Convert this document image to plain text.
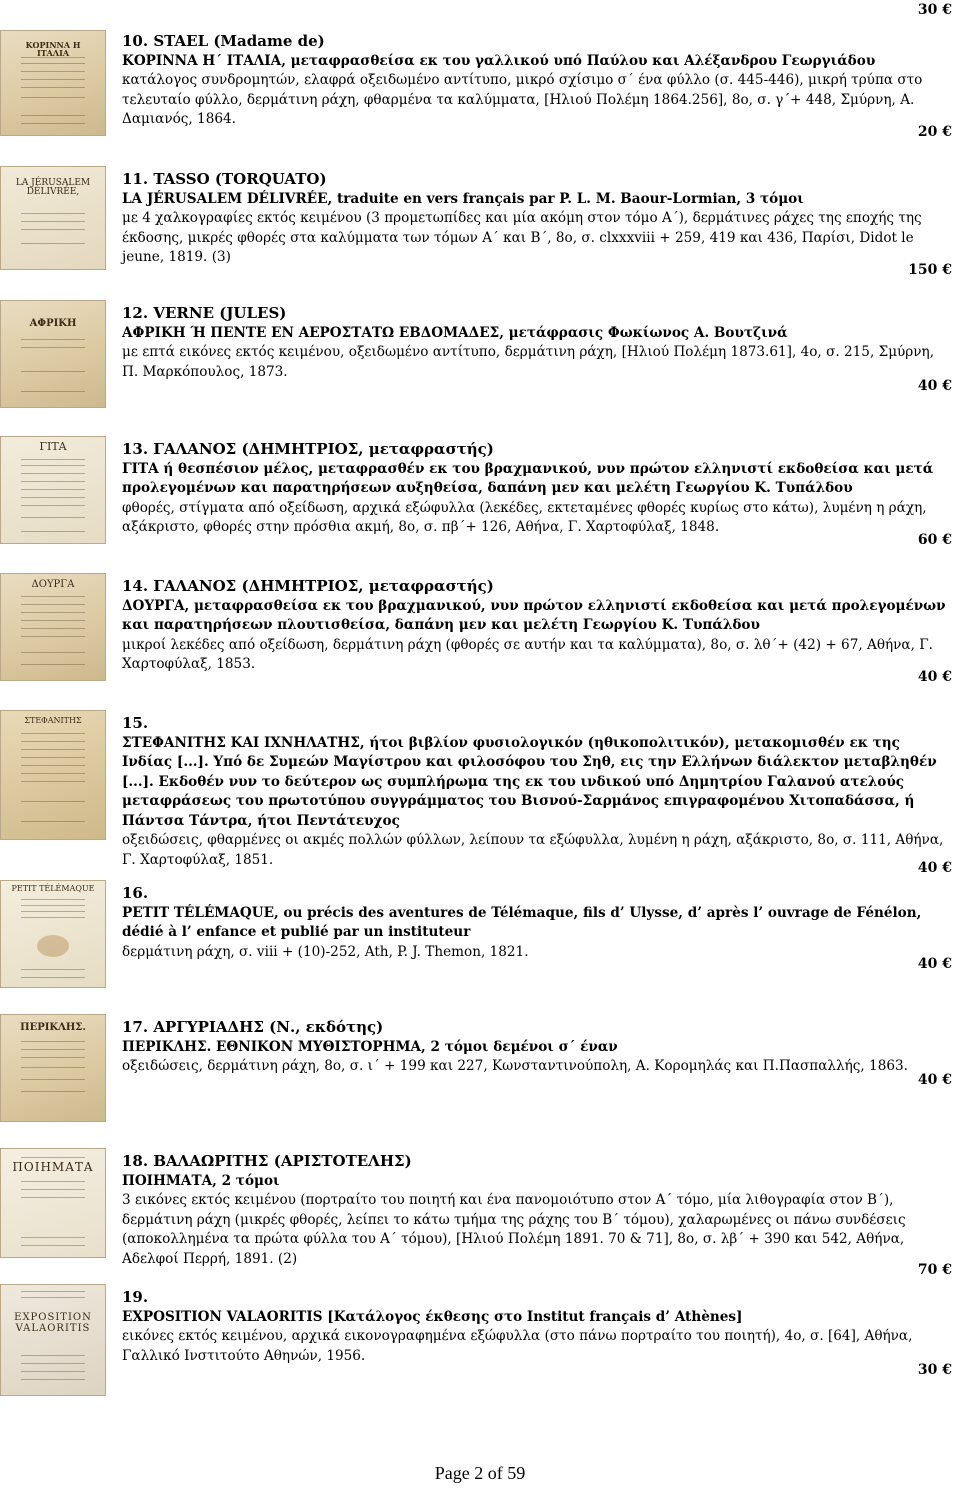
30 €
ΚΟΡΙΝΝΑ Η ΙΤΑΛΙΑ
10. STAEL (Madame de)
ΚΟΡΙΝΝΑ Η΄ ΙΤΑΛΙΑ, μεταφρασθείσα εκ του γαλλικού υπό Παύλου και Αλέξανδρου Γεωργιάδου
κατάλογος συνδρομητών, ελαφρά οξειδωμένο αντίτυπο, μικρό σχίσιμο σ΄ ένα φύλλο (σ. 445-446), μικρή τρύπα στο τελευταίο φύλλο, δερμάτινη ράχη, φθαρμένα τα καλύμματα, [Ηλιού Πολέμη 1864.256], 8ο, σ. γ΄+ 448, Σμύρνη, Α. Δαμιανός, 1864.
20 €
LA JÉRUSALEM DÉLIVRÉE,
11. TASSO (TORQUATO)
LA JÉRUSALEM DÉLIVRÉE, traduite en vers français par P. L. M. Baour-Lormian, 3 τόμοι
με 4 χαλκογραφίες εκτός κειμένου (3 προμετωπίδες και μία ακόμη στον τόμο Α΄), δερμάτινες ράχες της εποχής της έκδοσης, μικρές φθορές στα καλύμματα των τόμων Α΄ και Β΄, 8ο, σ. clxxxviii + 259, 419 και 436, Παρίσι, Didot le jeune, 1819. (3)
150 €
ΑΦΡΙΚΗ
12. VERNE (JULES)
ΑΦΡΙΚΗ Ή ΠΕΝΤΕ ΕΝ ΑΕΡΟΣΤΑΤΩ ΕΒΔΟΜΑΔΕΣ, μετάφρασις Φωκίωνος Α. Βουτζινά
με επτά εικόνες εκτός κειμένου, οξειδωμένο αντίτυπο, δερμάτινη ράχη, [Ηλιού Πολέμη 1873.61], 4ο, σ. 215, Σμύρνη, Π. Μαρκόπουλος, 1873.
40 €
ΓΙΤΑ	13. ΓΑΛΑΝΟΣ (ΔΗΜΗΤΡΙΟΣ, μεταφραστής)
ΓΙΤΑ ή θεσπέσιον μέλος, μεταφρασθέν εκ του βραχμανικού, νυν πρώτον ελληνιστί εκδοθείσα και μετά προλεγομένων και παρατηρήσεων αυξηθείσα, δαπάνη μεν και μελέτη Γεωργίου Κ. Τυπάλδου
φθορές, στίγματα από οξείδωση, αρχικά εξώφυλλα (λεκέδες, εκτεταμένες φθορές κυρίως στο κάτω), λυμένη η ράχη, αξάκριστο, φθορές στην πρόσθια ακμή, 8ο, σ. πβ΄+ 126, Αθήνα, Γ. Χαρτοφύλαξ, 1848.
60 €
ΔΟΥΡΓΑ	14. ΓΑΛΑΝΟΣ (ΔΗΜΗΤΡΙΟΣ, μεταφραστής)
ΔΟΥΡΓΑ, μεταφρασθείσα εκ του βραχμανικού, νυν πρώτον ελληνιστί εκδοθείσα και μετά προλεγομένων και παρατηρήσεων πλουτισθείσα, δαπάνη μεν και μελέτη Γεωργίου Κ. Τυπάλδου
μικροί λεκέδες από οξείδωση, δερμάτινη ράχη (φθορές σε αυτήν και τα καλύμματα), 8ο, σ. λθ΄+ (42) + 67, Αθήνα, Γ. Χαρτοφύλαξ, 1853.
40 €
ΣΤΕΦΑΝΙΤΗΣ	15.
ΣΤΕΦΑΝΙΤΗΣ ΚΑΙ ΙΧΝΗΛΑΤΗΣ, ήτοι βιβλίον φυσιολογικόν (ηθικοπολιτικόν), μετακομισθέν εκ της Ινδίας [...]. Υπό δε Συμεών Μαγίστρου και φιλοσόφου του Σηθ, εις την Ελλήνων διάλεκτον μεταβληθέν [...]. Εκδοθέν νυν το δεύτερον ως συμπλήρωμα της εκ του ινδικού υπό Δημητρίου Γαλανού ατελούς μεταφράσεως του πρωτοτύπου συγγράμματος του Βισνού-Σαρμάνος επιγραφομένου Χιτοπαδάσσα, ή Πάντσα Τάντρα, ήτοι Πεντάτευχος
οξειδώσεις, φθαρμένες οι ακμές πολλών φύλλων, λείπουν τα εξώφυλλα, λυμένη η ράχη, αξάκριστο, 8ο, σ. 111, Αθήνα, Γ. Χαρτοφύλαξ, 1851.
40 €
PETIT TÉLÉMAQUE 16.
PETIT TÉLÉMAQUE, ou précis des aventures de Télémaque, fils d’ Ulysse, d’ après l’ ouvrage de Fénélon, dédié à l’ enfance et publié par un instituteur
δερμάτινη ράχη, σ. viii + (10)-252, Ath, P. J. Themon, 1821.
40 €
ΠΕΡΙΚΛΗΣ.	17. ΑΡΓΥΡΙΑΔΗΣ (Ν., εκδότης)
ΠΕΡΙΚΛΗΣ. ΕΘΝΙΚΟΝ ΜΥΘΙΣΤΟΡΗΜΑ, 2 τόμοι δεμένοι σ΄ έναν
οξειδώσεις, δερμάτινη ράχη, 8ο, σ. ι΄ + 199 και 227, Κωνσταντινούπολη, Α. Κορομηλάς και Π.Πασπαλλής, 1863.
40 €
ΠΟΙΗΜΑΤΑ 18. ΒΑΛΑΩΡΙΤΗΣ (ΑΡΙΣΤΟΤΕΛΗΣ)
ΠΟΙΗΜΑΤΑ, 2 τόμοι
3 εικόνες εκτός κειμένου (πορτραίτο του ποιητή και ένα πανομοιότυπο στον Α΄ τόμο, μία λιθογραφία στον Β΄), δερμάτινη ράχη (μικρές φθορές, λείπει το κάτω τμήμα της ράχης του Β΄ τόμου), χαλαρωμένες οι πάνω συνδέσεις (αποκολλημένα τα πρώτα φύλλα του Α΄ τόμου), [Ηλιού Πολέμη 1891. 70 & 71], 8ο, σ. λβ΄ + 390 και 542, Αθήνα, Αδελφοί Περρή, 1891. (2)
70 €
EXPOSITION VALAORITIS
19.
EXPOSITION VALAORITIS [Κατάλογος έκθεσης στο Institut français d’ Athènes]
εικόνες εκτός κειμένου, αρχικά εικονογραφημένα εξώφυλλα (στο πάνω πορτραίτο του ποιητή), 4ο, σ. [64], Αθήνα, Γαλλικό Ινστιτούτο Αθηνών, 1956.
30 €
Page 2 of 59
